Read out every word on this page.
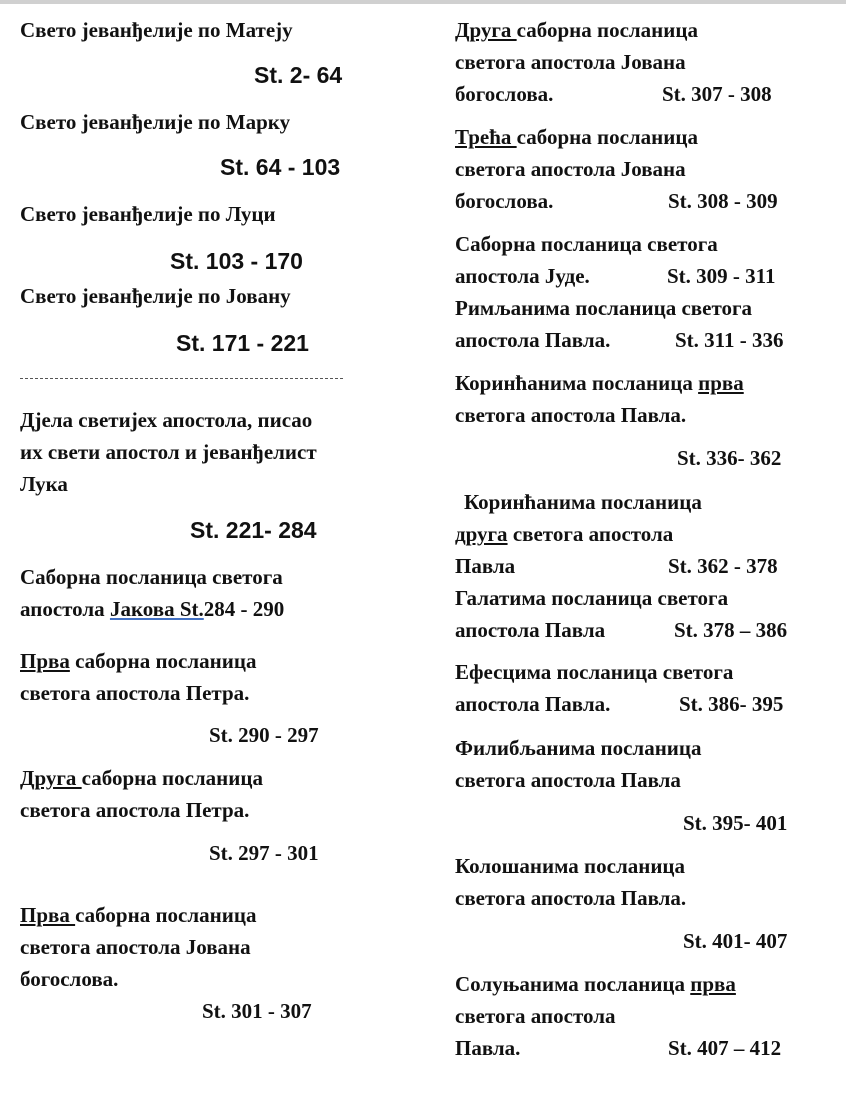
Свето јеванђелије по Матеју
St. 2- 64
Свето јеванђелије по Марку
St. 64 - 103
Свето јеванђелије по Луци
St. 103 - 170
Свето јеванђелије по Јовану
St. 171 - 221
Дјела светијех апостола, писао
их свети апостол и јеванђелист
Лука
St. 221- 284
Саборна посланица светога
апостола Јакова St.284 - 290
Прва саборна посланица
светога апостола Петра.
St. 290 - 297
Друга саборна посланица
светога апостола Петра.
St. 297 - 301
Прва саборна посланица
светога апостола Јована
богослова.
St. 301 - 307
Друга саборна посланица
светога апостола Јована
богослова.	St. 307 - 308
Трећа саборна посланица
светога апостола Јована
богослова.	St. 308 - 309
Саборна посланица светога
апостола Јуде.	St. 309 - 311
Римљанима посланица светога
апостола Павла.	St. 311 - 336
Коринћанима посланица прва
светога апостола Павла.
St. 336- 362
Коринћанима посланица
друга светога апостола
Павла	St. 362 - 378
Галатима посланица светога
апостола Павла	St. 378 – 386
Ефесцима посланица светога
апостола Павла.	St. 386- 395
Филибљанима посланица
светога апостола Павла
St. 395- 401
Колошанима посланица
светога апостола Павла.
St. 401- 407
Солуњанима посланица прва
светога апостола
Павла.	St. 407 – 412
